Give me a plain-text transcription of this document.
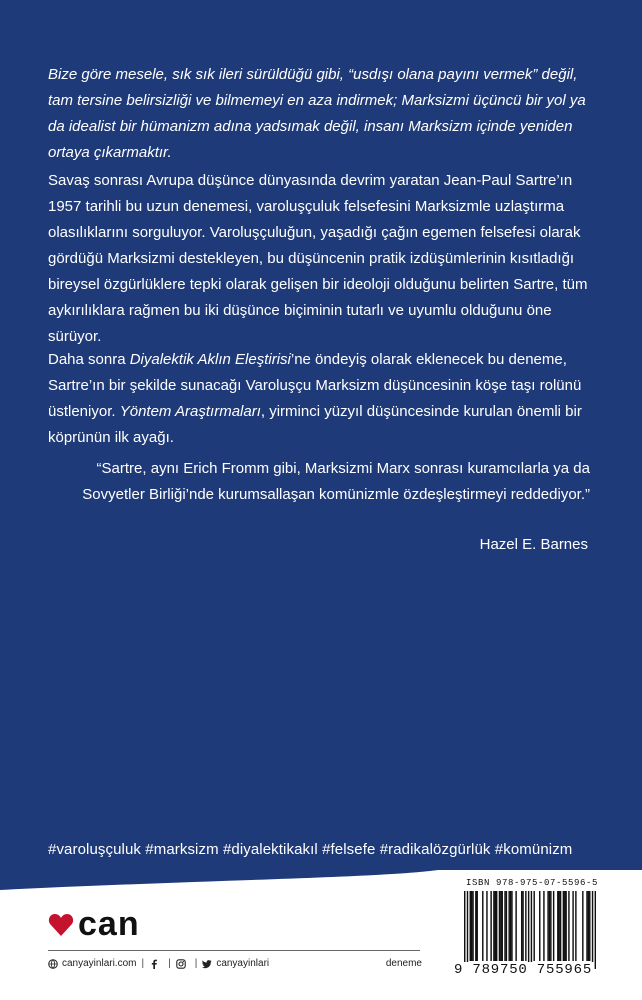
Bize göre mesele, sık sık ileri sürüldüğü gibi, “usdışı olana payını vermek” değil, tam tersine belirsizliği ve bilmemeyi en aza indirmek; Marksizmi üçüncü bir yol ya da idealist bir hümanizm adına yadsımak değil, insanı Marksizm içinde yeniden ortaya çıkarmaktır.
Savaş sonrası Avrupa düşünce dünyasında devrim yaratan Jean-Paul Sartre’ın 1957 tarihli bu uzun denemesi, varoluşçuluk felsefesini Marksizmle uzlaştırma olasılıklarını sorguluyor. Varoluşçuluğun, yaşadığı çağın egemen felsefesi olarak gördüğü Marksizmi destekleyen, bu düşüncenin pratik izdüşümlerinin kısıtladığı bireysel özgürlüklere tepki olarak gelişen bir ideoloji olduğunu belirten Sartre, tüm aykırılıklara rağmen bu iki düşünce biçiminin tutarlı ve uyumlu olduğunu öne sürüyor.
Daha sonra Diyalektik Aklın Eleştirisi’ne öndeyiş olarak eklenecek bu deneme, Sartre’ın bir şekilde sunacağı Varoluşçu Marksizm düşüncesinin köşe taşı rolünü üstleniyor. Yöntem Araştırmaları, yirminci yüzyıl düşüncesinde kurulan önemli bir köprünün ilk ayağı.
“Sartre, aynı Erich Fromm gibi, Marksizmi Marx sonrası kuramcılarla ya da Sovyetler Birliği’nde kurumsallaşan komünizmle özdeşleştirmeyi reddediyor.”
Hazel E. Barnes
#varoluşçuluk #marksizm #diyalektikakıl #felsefe #radikalözgürlük #komünizm
can
canyayinlari.com | | | canyayinlari	deneme
ISBN 978-975-07-5596-5
9 789750 755965
